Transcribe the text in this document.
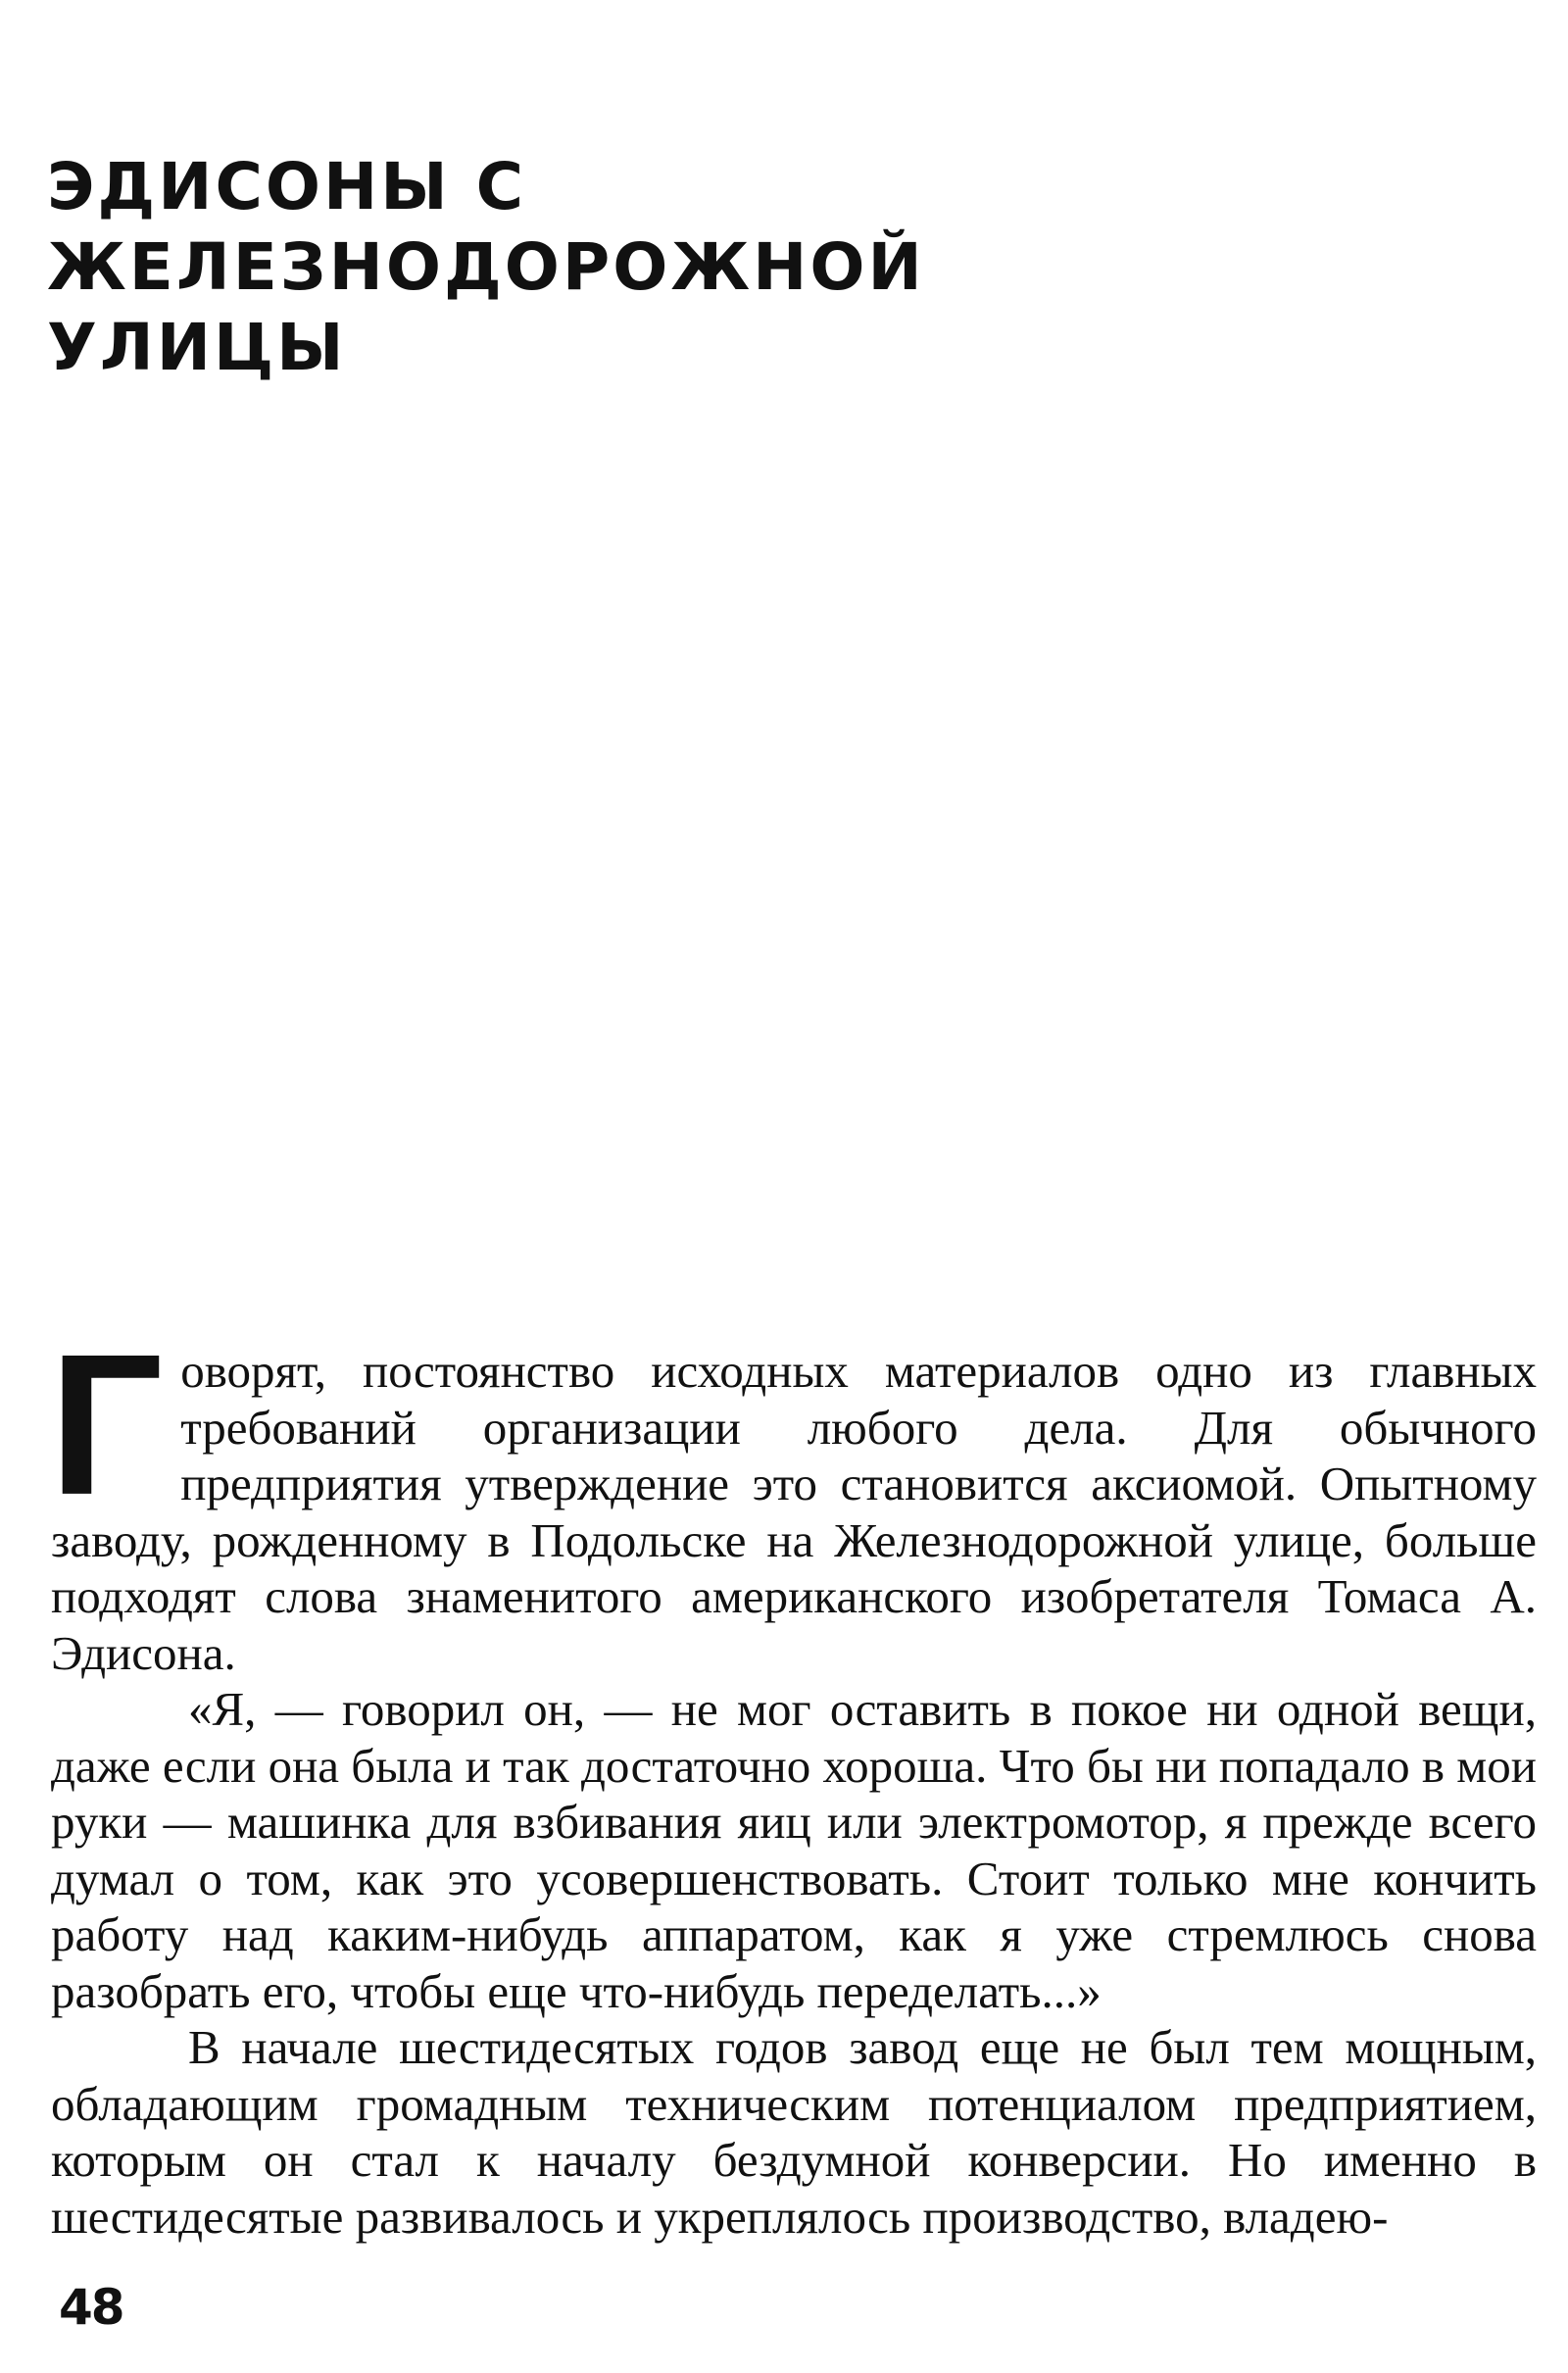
ЭДИСОНЫ С ЖЕЛЕЗНОДОРОЖНОЙ
УЛИЦЫ

Говорят, постоянство исходных материалов одно из главных требований организации любого дела. Для обычного предприятия утверждение это становится аксиомой. Опытному заводу, рожденному в Подольске на Железнодорожной улице, больше подходят слова знаменитого американского изобретателя Томаса А. Эдисона.

«Я, — говорил он, — не мог оставить в покое ни одной вещи, даже если она была и так достаточно хороша. Что бы ни попадало в мои руки — машинка для взбивания яиц или электромотор, я прежде всего думал о том, как это усовершенствовать. Стоит только мне кончить работу над каким-нибудь аппаратом, как я уже стремлюсь снова разобрать его, чтобы еще что-нибудь переделать...»

В начале шестидесятых годов завод еще не был тем мощным, обладающим громадным техническим потенциалом предприятием, которым он стал к началу бездумной конверсии. Но именно в шестидесятые развивалось и укреплялось производство, владею-

48
